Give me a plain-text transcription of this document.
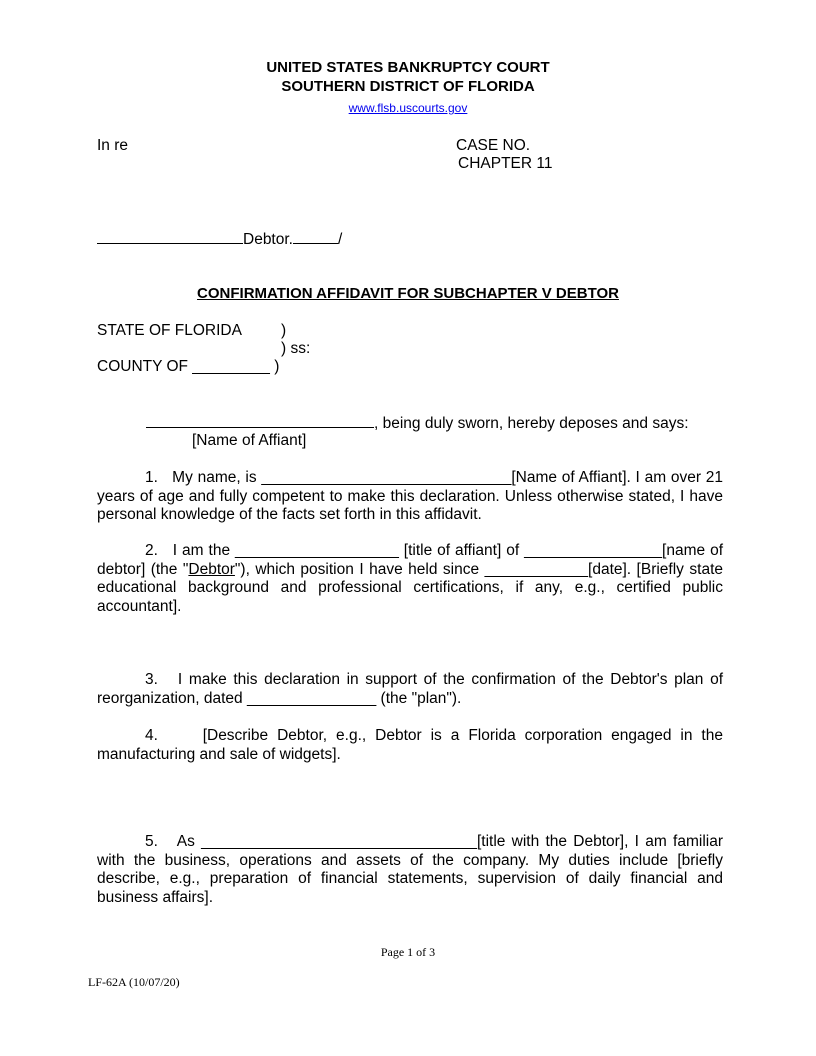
UNITED STATES BANKRUPTCY COURT
SOUTHERN DISTRICT OF FLORIDA
www.flsb.uscourts.gov
In re	CASE NO.
CHAPTER 11
Debtor.	/
CONFIRMATION AFFIDAVIT FOR SUBCHAPTER V DEBTOR
STATE OF FLORIDA	)
) ss:
COUNTY OF _________ )
, being duly sworn, hereby deposes and says:
[Name of Affiant]
1. My name, is _____________________________[Name of Affiant]. I am over 21 years of age and fully competent to make this declaration. Unless otherwise stated, I have personal knowledge of the facts set forth in this affidavit.
2. I am the ___________________ [title of affiant] of ________________[name of debtor] (the "Debtor"), which position I have held since ____________[date]. [Briefly state educational background and professional certifications, if any, e.g., certified public accountant].
3. I make this declaration in support of the confirmation of the Debtor's plan of reorganization, dated _______________ (the "plan").
4.	[Describe Debtor, e.g., Debtor is a Florida corporation engaged in the manufacturing and sale of widgets].
5. As ________________________________[title with the Debtor], I am familiar with the business, operations and assets of the company. My duties include [briefly describe, e.g., preparation of financial statements, supervision of daily financial and business affairs].
Page 1 of 3
LF-62A (10/07/20)
